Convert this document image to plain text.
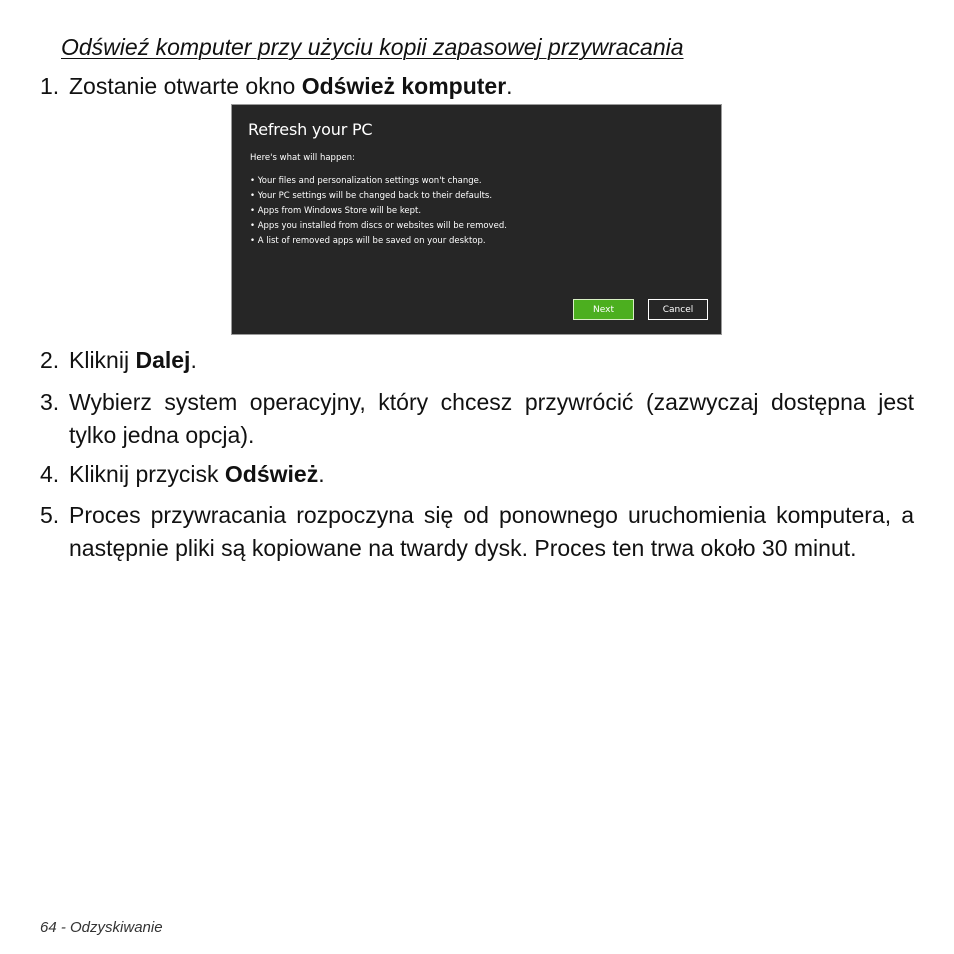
Odświeź komputer przy użyciu kopii zapasowej przywracania
1. Zostanie otwarte okno Odśwież komputer.
Refresh your PC
Here's what will happen:
• Your files and personalization settings won't change.
• Your PC settings will be changed back to their defaults.
• Apps from Windows Store will be kept.
• Apps you installed from discs or websites will be removed.
• A list of removed apps will be saved on your desktop.
Next	Cancel
2. Kliknij Dalej.
3. Wybierz system operacyjny, który chcesz przywrócić (zazwyczaj dostępna jest tylko jedna opcja).
4. Kliknij przycisk Odśwież.
5. Proces przywracania rozpoczyna się od ponownego uruchomienia komputera, a następnie pliki są kopiowane na twardy dysk. Proces ten trwa około 30 minut.
64 - Odzyskiwanie
